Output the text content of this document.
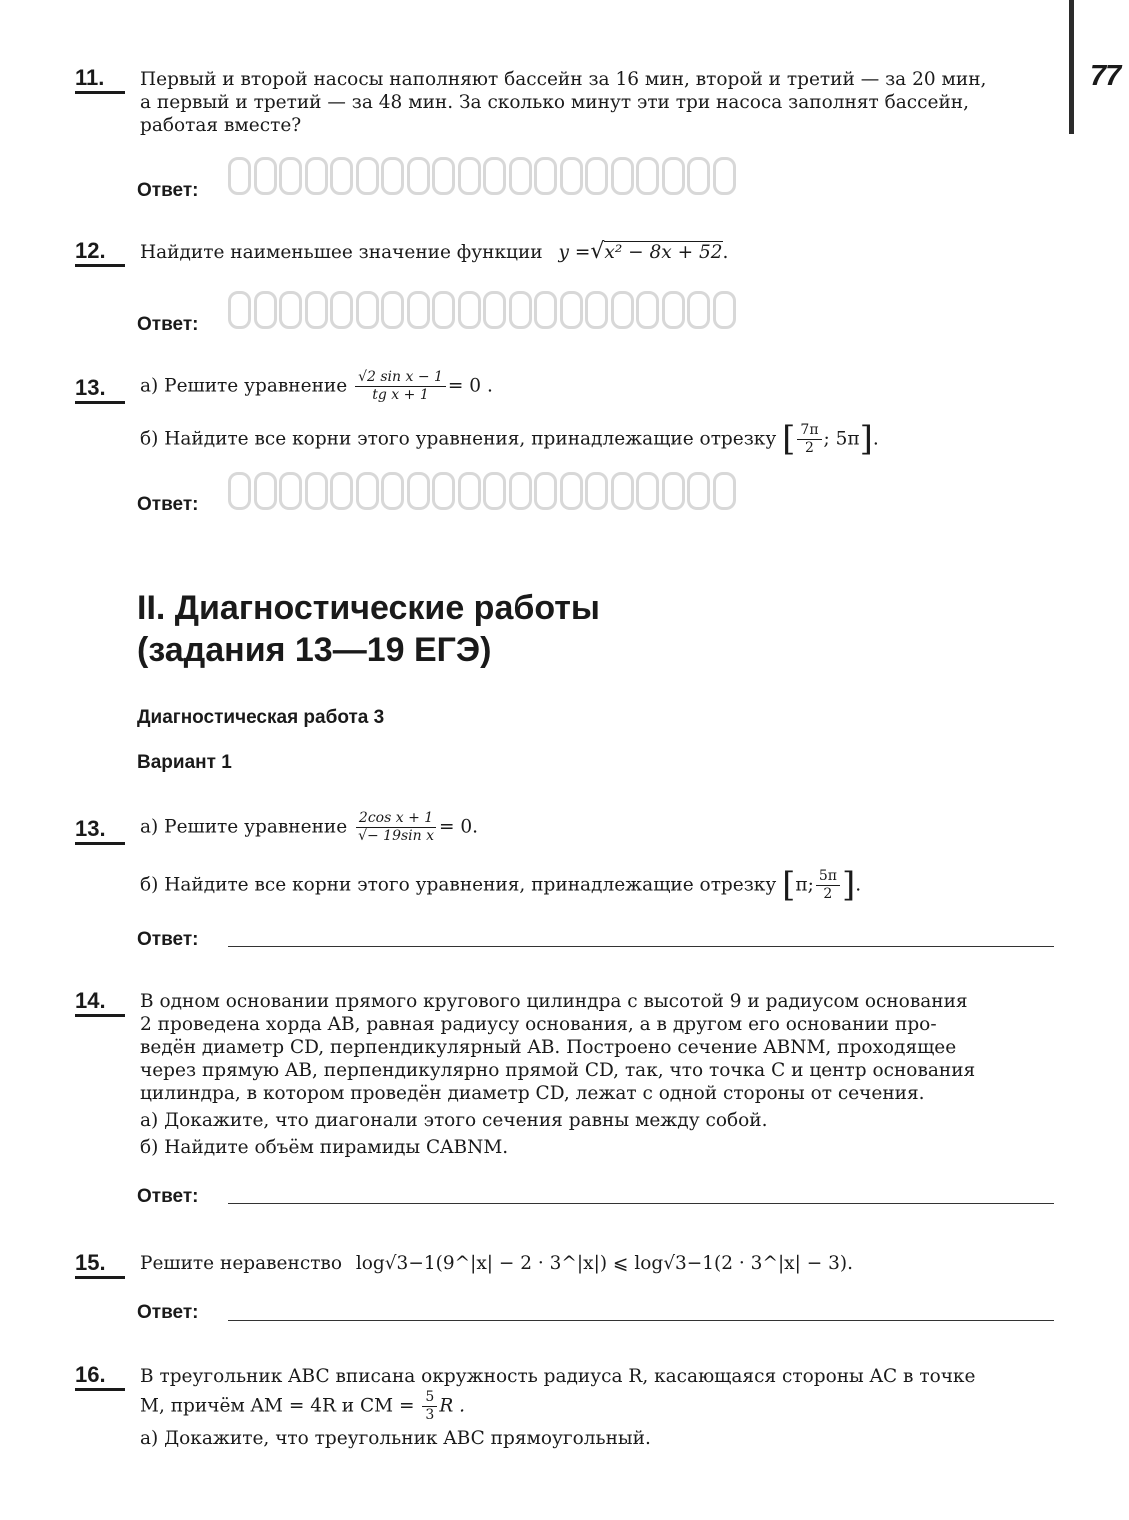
77
11.	Первый и второй насосы наполняют бассейн за 16 мин, второй и третий — за 20 мин,
а первый и третий — за 48 мин. За сколько минут эти три насоса заполнят бассейн,
работая вместе?
Ответ:
12.	Найдите наименьшее значение функции y =√x² − 8x + 52.
Ответ:
13.	а) Решите уравнение $\frac{\text{√2 sin x − 1}}{\text{tg x + 1}} = 0$ .
б) Найдите все корни этого уравнения, принадлежащие отрезку [ $\frac{7\pi}{2}$ ; 5π].
Ответ:
II. Диагностические работы
(задания 13—19 ЕГЭ)
Диагностическая работа 3
Вариант 1
13.	а) Решите уравнение $\frac{\text{2cos x + 1}}{\text{√− 19sin x}} = 0$.
б) Найдите все корни этого уравнения, принадлежащие отрезку [π; $\frac{5\pi}{2}$ ].
Ответ:
14.	В одном основании прямого кругового цилиндра с высотой 9 и радиусом основания
2 проведена хорда AB, равная радиусу основания, а в другом его основании про-
ведён диаметр CD, перпендикулярный AB. Построено сечение ABNM, проходящее
через прямую AB, перпендикулярно прямой CD, так, что точка C и центр основания
цилиндра, в котором проведён диаметр CD, лежат с одной стороны от сечения.
а) Докажите, что диагонали этого сечения равны между собой.
б) Найдите объём пирамиды CABNM.
Ответ:
15.	Решите неравенство log√3−1(9^|x| − 2 · 3^|x|) ⩽ log√3−1(2 · 3^|x| − 3).
Ответ:
16.	В треугольник ABC вписана окружность радиуса R, касающаяся стороны AC в точке
M, причём AM = 4R и CM = $\frac{5}{3}$ R .
а) Докажите, что треугольник ABC прямоугольный.
